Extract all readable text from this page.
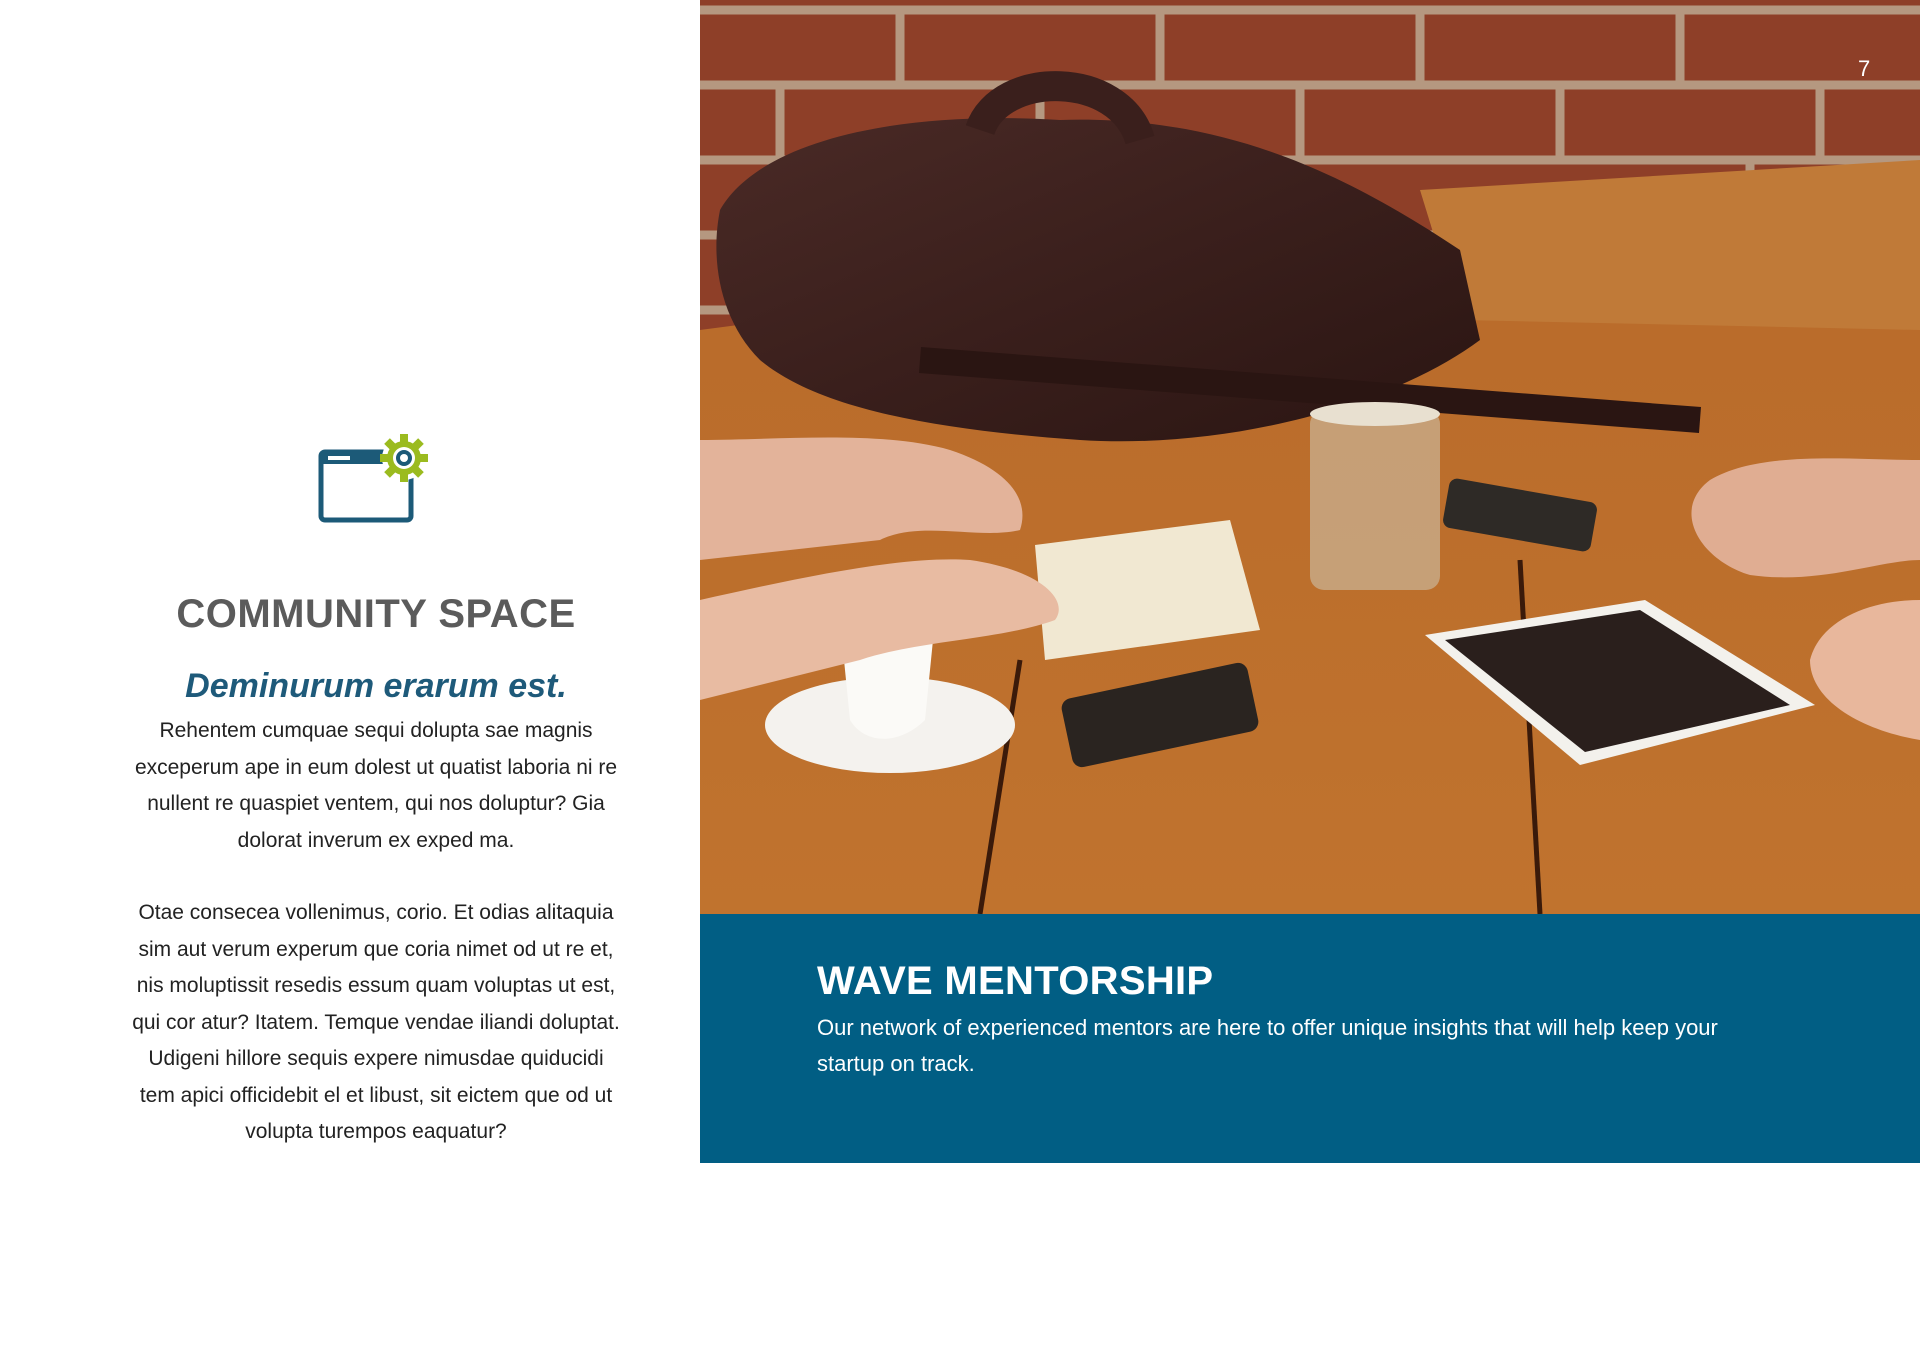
COMMUNITY SPACE
Deminurum erarum est.

Rehentem cumquae sequi dolupta sae magnis
exceperum ape in eum dolest ut quatist laboria ni re
nullent re quaspiet ventem, qui nos doluptur? Gia
dolorat inverum ex exped ma.

Otae consecea vollenimus, corio. Et odias alitaquia
sim aut verum experum que coria nimet od ut re et,
nis moluptissit resedis essum quam voluptas ut est,
qui cor atur? Itatem. Temque vendae iliandi doluptat.
Udigeni hillore sequis expere nimusdae quiducidi
tem apici officidebit el et libust, sit eictem que od ut
volupta turempos eaquatur?

7
WAVE MENTORSHIP

Our network of experienced mentors are here to offer unique insights that will help keep your startup on track.
